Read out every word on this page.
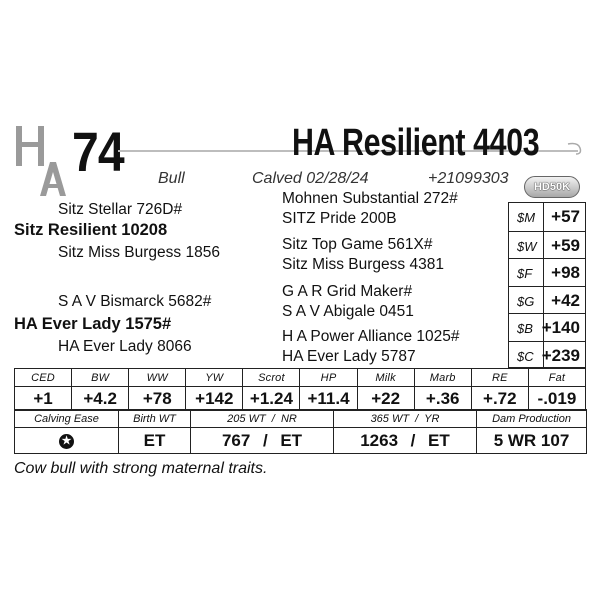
74	HA Resilient 4403
Bull	Calved 02/28/24	+21099303	HD50K
Sitz Stellar 726D#
Sitz Resilient 10208
Sitz Miss Burgess 1856
S A V Bismarck 5682#
HA Ever Lady 1575#
HA Ever Lady 8066
Mohnen Substantial 272#
SITZ Pride 200B
Sitz Top Game 561X#
Sitz Miss Burgess 4381
G A R Grid Maker#
S A V Abigale 0451
H A Power Alliance 1025#
HA Ever Lady 5787
$M +57
$W +59
$F +98
$G +42
$B +140
$C +239
CED	BW	WW	YW	Scrot	HP	Milk	Marb	RE	Fat
+1	+4.2	+78	+142	+1.24	+11.4	+22	+.36	+.72	-.019
Calving Ease	Birth WT	205 WT  /  NR	365 WT  /  YR	Dam Production
★	ET	767 / ET	1263 / ET	5 WR 107
Cow bull with strong maternal traits.
